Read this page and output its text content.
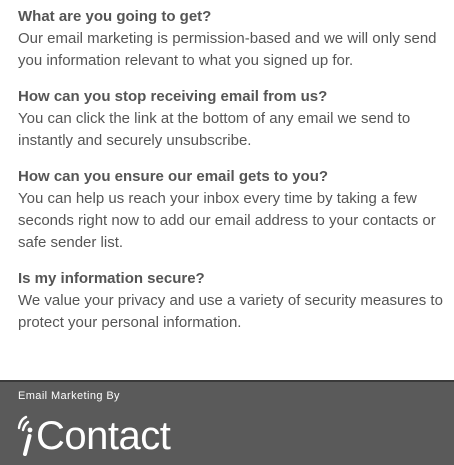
What are you going to get?

Our email marketing is permission-based and we will only send you information relevant to what you signed up for.

How can you stop receiving email from us?

You can click the link at the bottom of any email we send to instantly and securely unsubscribe.

How can you ensure our email gets to you?

You can help us reach your inbox every time by taking a few seconds right now to add our email address to your contacts or safe sender list.

Is my information secure?

We value your privacy and use a variety of security measures to protect your personal information.

Email Marketing By
Contact
